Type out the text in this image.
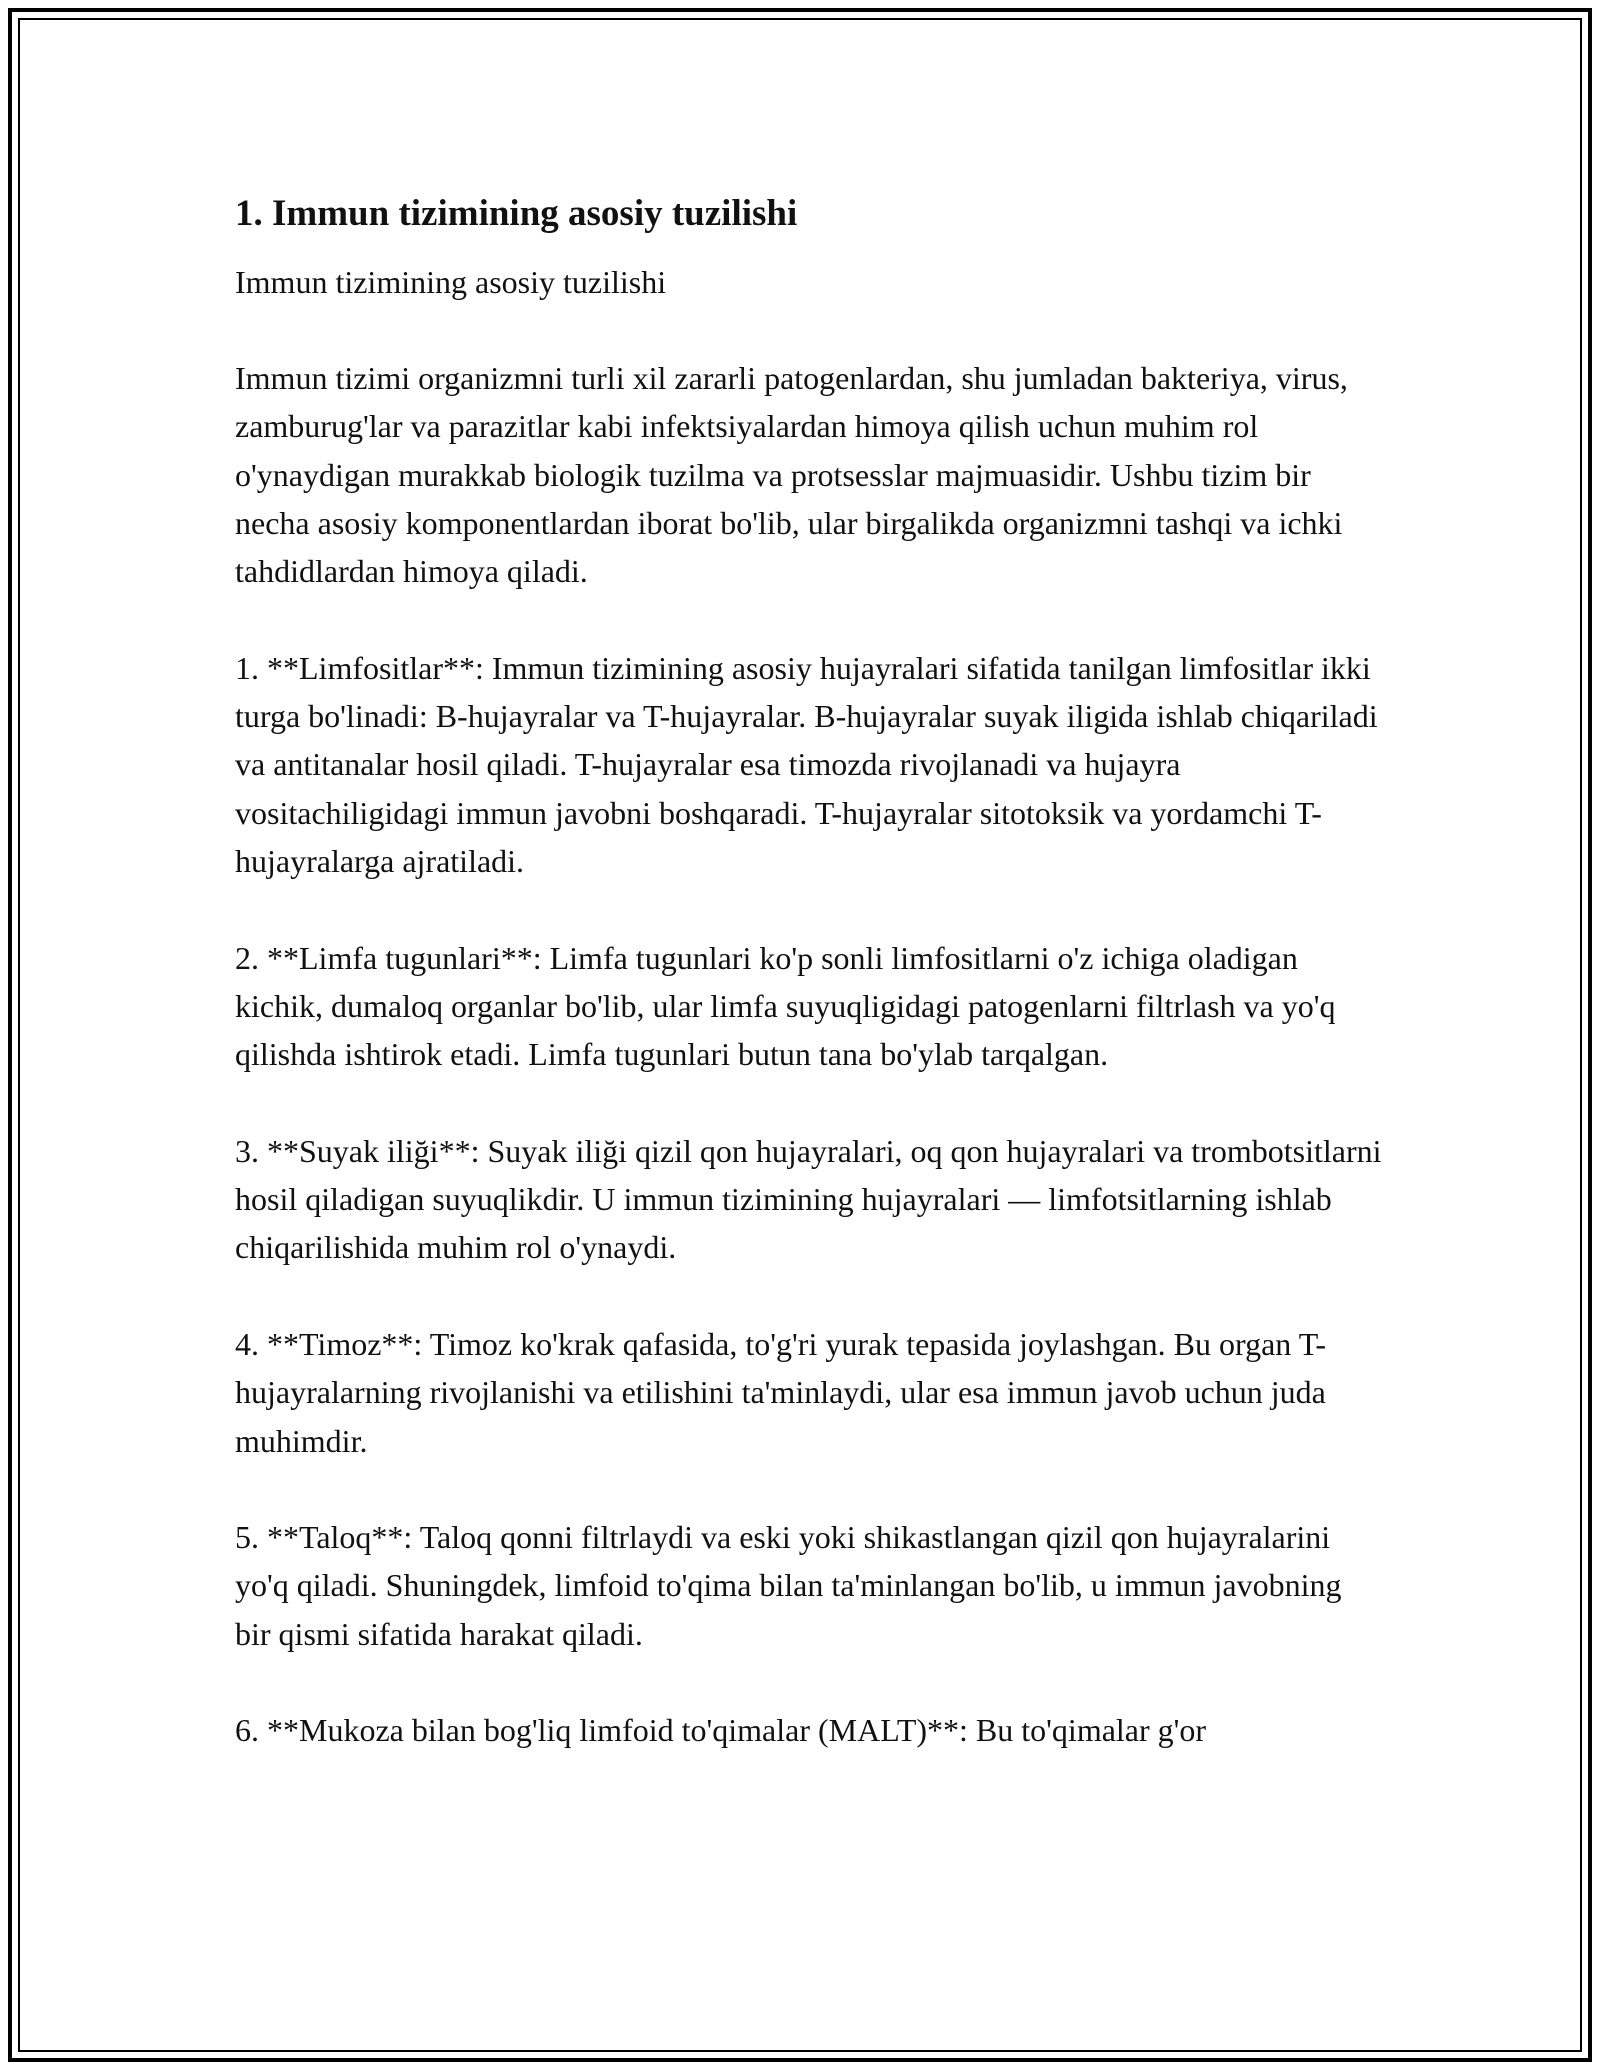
1. Immun tizimining asosiy tuzilishi

Immun tizimining asosiy tuzilishi

Immun tizimi organizmni turli xil zararli patogenlardan, shu jumladan bakteriya, virus, zamburug'lar va parazitlar kabi infektsiyalardan himoya qilish uchun muhim rol o'ynaydigan murakkab biologik tuzilma va protsesslar majmuasidir. Ushbu tizim bir necha asosiy komponentlardan iborat bo'lib, ular birgalikda organizmni tashqi va ichki tahdidlardan himoya qiladi.

1. **Limfositlar**: Immun tizimining asosiy hujayralari sifatida tanilgan limfositlar ikki turga bo'linadi: B-hujayralar va T-hujayralar. B-hujayralar suyak iligida ishlab chiqariladi va antitanalar hosil qiladi. T-hujayralar esa timozda rivojlanadi va hujayra vositachiligidagi immun javobni boshqaradi. T-hujayralar sitotoksik va yordamchi T-hujayralarga ajratiladi.

2. **Limfa tugunlari**: Limfa tugunlari ko'p sonli limfositlarni o'z ichiga oladigan kichik, dumaloq organlar bo'lib, ular limfa suyuqligidagi patogenlarni filtrlash va yo'q qilishda ishtirok etadi. Limfa tugunlari butun tana bo'ylab tarqalgan.

3. **Suyak iliği**: Suyak iliği qizil qon hujayralari, oq qon hujayralari va trombotsitlarni hosil qiladigan suyuqlikdir. U immun tizimining hujayralari — limfotsitlarning ishlab chiqarilishida muhim rol o'ynaydi.

4. **Timoz**: Timoz ko'krak qafasida, to'g'ri yurak tepasida joylashgan. Bu organ T-hujayralarning rivojlanishi va etilishini ta'minlaydi, ular esa immun javob uchun juda muhimdir.

5. **Taloq**: Taloq qonni filtrlaydi va eski yoki shikastlangan qizil qon hujayralarini yo'q qiladi. Shuningdek, limfoid to'qima bilan ta'minlangan bo'lib, u immun javobning bir qismi sifatida harakat qiladi.

6. **Mukoza bilan bog'liq limfoid to'qimalar (MALT)**: Bu to'qimalar g'or
